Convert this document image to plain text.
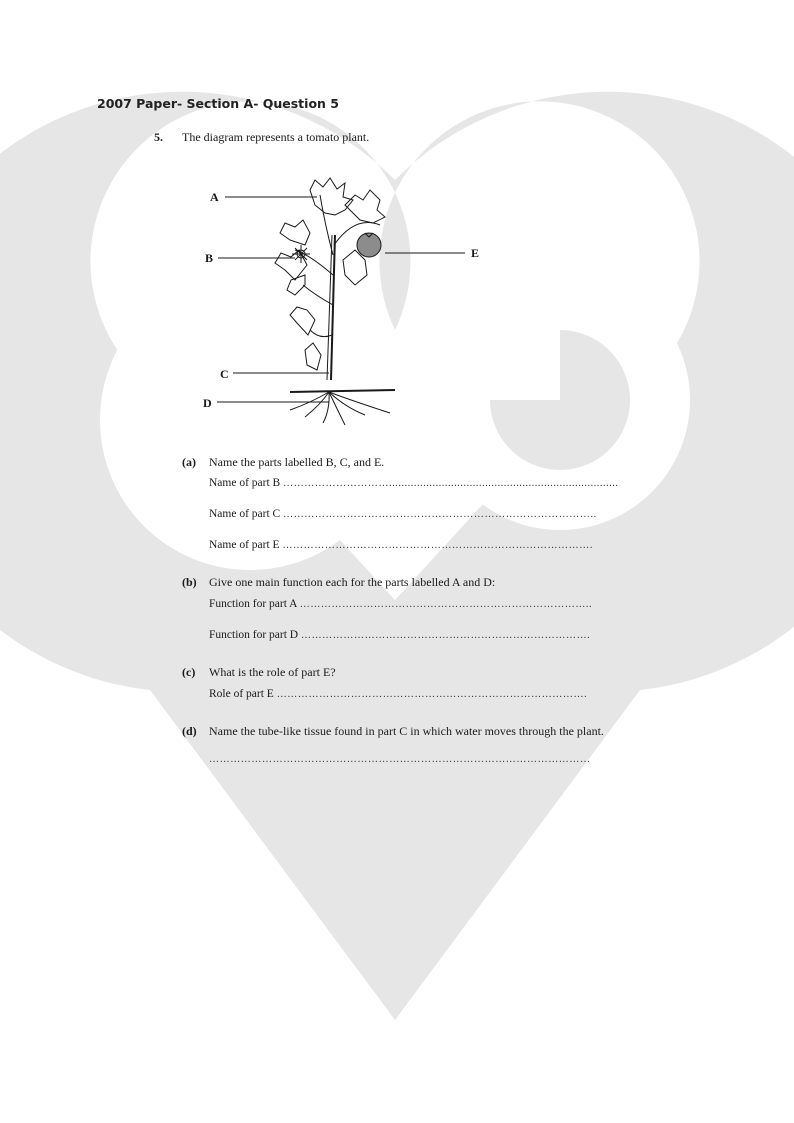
2007 Paper- Section A- Question 5
5. The diagram represents a tomato plant.
A
B
C
D
E
(a) Name the parts labelled B, C, and E.
Name of part B …………………………..........................................................................
Name of part C ……………………………………………………………………………..
Name of part E …………………………………………………………………………….
(b) Give one main function each for the parts labelled A and D:
Function for part A ………………………………………………………………………..
Function for part D ……………………………………………………………………….
(c) What is the role of part E?
Role of part E …………………………………………………………………………….
(d) Name the tube-like tissue found in part C in which water moves through the plant.
………………………………………………………………………………………………
